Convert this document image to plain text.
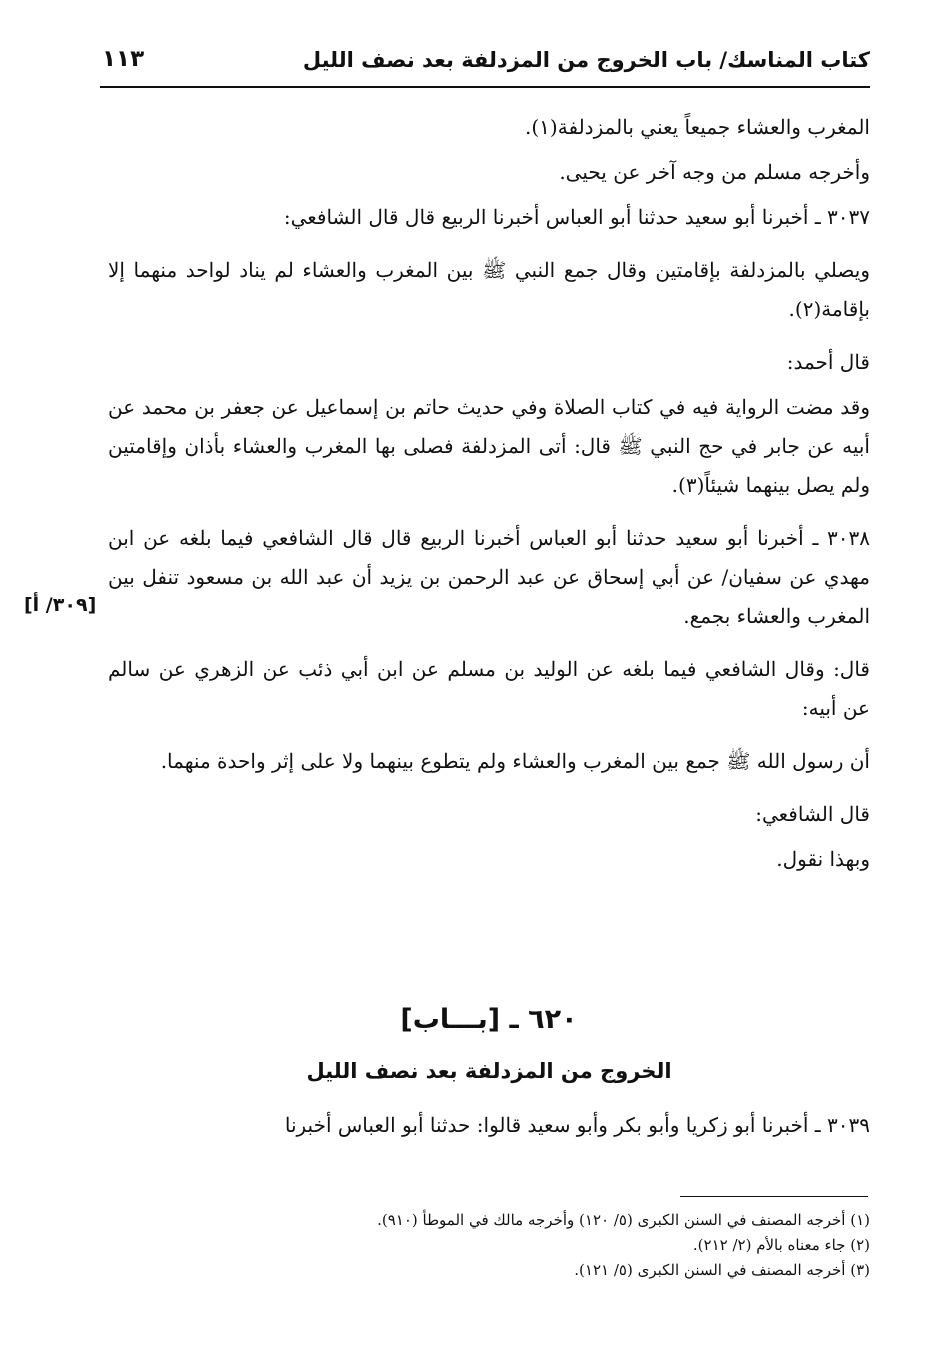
كتاب المناسك/ باب الخروج من المزدلفة بعد نصف الليل
١١٣

المغرب والعشاء جميعاً يعني بالمزدلفة(١).

وأخرجه مسلم من وجه آخر عن يحيى.

٣٠٣٧ ـ أخبرنا أبو سعيد حدثنا أبو العباس أخبرنا الربيع قال قال الشافعي:

ويصلي بالمزدلفة بإقامتين وقال جمع النبي ﷺ بين المغرب والعشاء لم يناد لواحد منهما إلا بإقامة(٢).

قال أحمد:

وقد مضت الرواية فيه في كتاب الصلاة وفي حديث حاتم بن إسماعيل عن جعفر بن محمد عن أبيه عن جابر في حج النبي ﷺ قال: أتى المزدلفة فصلى بها المغرب والعشاء بأذان وإقامتين ولم يصل بينهما شيئاً(٣).

٣٠٣٨ ـ أخبرنا أبو سعيد حدثنا أبو العباس أخبرنا الربيع قال قال الشافعي فيما بلغه عن ابن مهدي عن سفيان/ عن أبي إسحاق عن عبد الرحمن بن يزيد أن عبد الله بن مسعود تنفل بين المغرب والعشاء بجمع.

قال: وقال الشافعي فيما بلغه عن الوليد بن مسلم عن ابن أبي ذئب عن الزهري عن سالم عن أبيه:

أن رسول الله ﷺ جمع بين المغرب والعشاء ولم يتطوع بينهما ولا على إثر واحدة منهما.

قال الشافعي:

وبهذا نقول.

[٣٠٩/ أ]
٦٢٠ ـ [بـــاب]
الخروج من المزدلفة بعد نصف الليل

٣٠٣٩ ـ أخبرنا أبو زكريا وأبو بكر وأبو سعيد قالوا: حدثنا أبو العباس أخبرنا

(١) أخرجه المصنف في السنن الكبرى (٥/ ١٢٠) وأخرجه مالك في الموطأ (٩١٠).

(٢) جاء معناه بالأم (٢/ ٢١٢).

(٣) أخرجه المصنف في السنن الكبرى (٥/ ١٢١).
